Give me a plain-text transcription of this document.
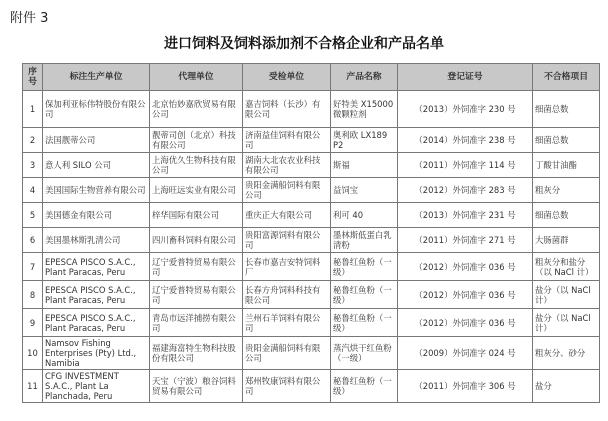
附件 3
进口饲料及饲料添加剂不合格企业和产品名单
序号	标注生产单位	代理单位	受检单位	产品名称	登记证号	不合格项目
1	保加利亚标伟特股份有限公司	北京怡妙嘉欣贸易有限公司	嘉吉饲料（长沙）有限公司	好特美 X15000 微颗粒剂	（2013）外饲准字 230 号	细菌总数
2	法国靓蒂公司	靓蒂司创（北京）科技有限公司	济南益佳饲料有限公司	奥利欧 LX189 P2	（2014）外饲准字 238 号	细菌总数
3	意人利 SILO 公司	上海优久生物科技有限公司	湖南大北农农业科技有限公司	斯福	（2011）外饲准字 114 号	丁酸甘油酯
4	美国国际生物营养有限公司	上海旺远实业有限公司	贵阳金满船饲料有限公司	益饲宝	（2012）外饲准字 283 号	粗灰分
5	美国德金有限公司	梓华国际有限公司	重庆正大有限公司	利可 40	（2013）外饲准字 231 号	细菌总数
6	美国墨林斯乳清公司	四川畜科饲料有限公司	贵阳富源饲料有限公司	墨林斯低蛋白乳清粉	（2011）外饲准字 271 号	大肠菌群
7	EPESCA PISCO S.A.C., Plant Paracas, Peru	辽宁爱普特贸易有限公司	长春市嘉吉安特饲料厂	秘鲁红鱼粉（一级）	（2012）外饲准字 036 号	粗灰分和盐分（以 NaCl 计）
8	EPESCA PISCO S.A.C., Plant Paracas, Peru	辽宁爱普特贸易有限公司	长春方舟饲料科技有限公司	秘鲁红鱼粉（一级）	（2012）外饲准字 036 号	盐分（以 NaCl 计）
9	EPESCA PISCO S.A.C., Plant Paracas, Peru	青岛市远洋捕捞有限公司	兰州石羊饲料有限公司	秘鲁红鱼粉（一级）	（2012）外饲准字 036 号	盐分（以 NaCl 计）
10	Namsov Fishing Enterprises (Pty) Ltd., Namibia	福建海富特生物科技股份有限公司	贵阳金满船饲料有限公司	蒸汽烘干红鱼粉（一级）	（2009）外饲准字 024 号	粗灰分、砂分
11	CFG INVESTMENT S.A.C., Plant La Planchada, Peru	天宝（宁波）粮谷饲料贸易有限公司	郑州牧康饲料有限公司	秘鲁红鱼粉（一级）	（2011）外饲准字 306 号	盐分
